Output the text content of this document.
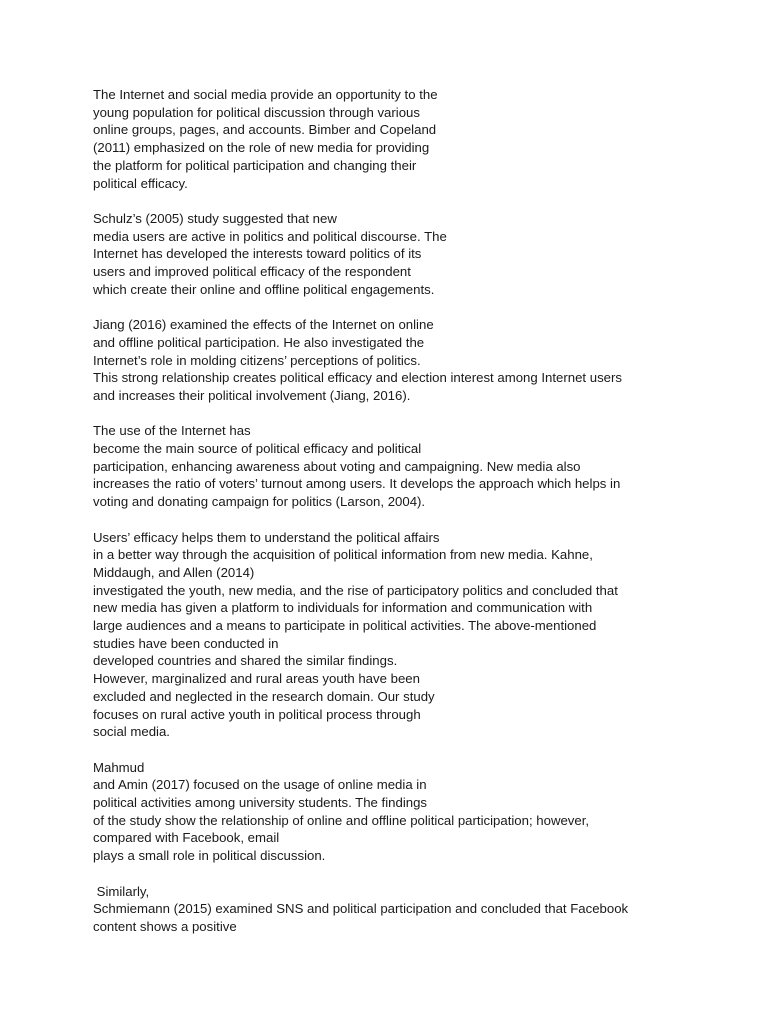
The Internet and social media provide an opportunity to the
young population for political discussion through various
online groups, pages, and accounts. Bimber and Copeland
(2011) emphasized on the role of new media for providing
the platform for political participation and changing their
political efficacy.

Schulz’s (2005) study suggested that new
media users are active in politics and political discourse. The
Internet has developed the interests toward politics of its
users and improved political efficacy of the respondent
which create their online and offline political engagements.

Jiang (2016) examined the effects of the Internet on online
and offline political participation. He also investigated the
Internet’s role in molding citizens’ perceptions of politics.
This strong relationship creates political efficacy and election interest among Internet users
and increases their political involvement (Jiang, 2016).

The use of the Internet has
become the main source of political efficacy and political
participation, enhancing awareness about voting and campaigning. New media also
increases the ratio of voters’ turnout among users. It develops the approach which helps in
voting and donating campaign for politics (Larson, 2004).

Users’ efficacy helps them to understand the political affairs
in a better way through the acquisition of political information from new media. Kahne,
Middaugh, and Allen (2014)
investigated the youth, new media, and the rise of participatory politics and concluded that
new media has given a platform to individuals for information and communication with
large audiences and a means to participate in political activities. The above-mentioned
studies have been conducted in
developed countries and shared the similar findings.
However, marginalized and rural areas youth have been
excluded and neglected in the research domain. Our study
focuses on rural active youth in political process through
social media.

Mahmud
and Amin (2017) focused on the usage of online media in
political activities among university students. The findings
of the study show the relationship of online and offline political participation; however,
compared with Facebook, email
plays a small role in political discussion.

Similarly,
Schmiemann (2015) examined SNS and political participation and concluded that Facebook
content shows a positive
